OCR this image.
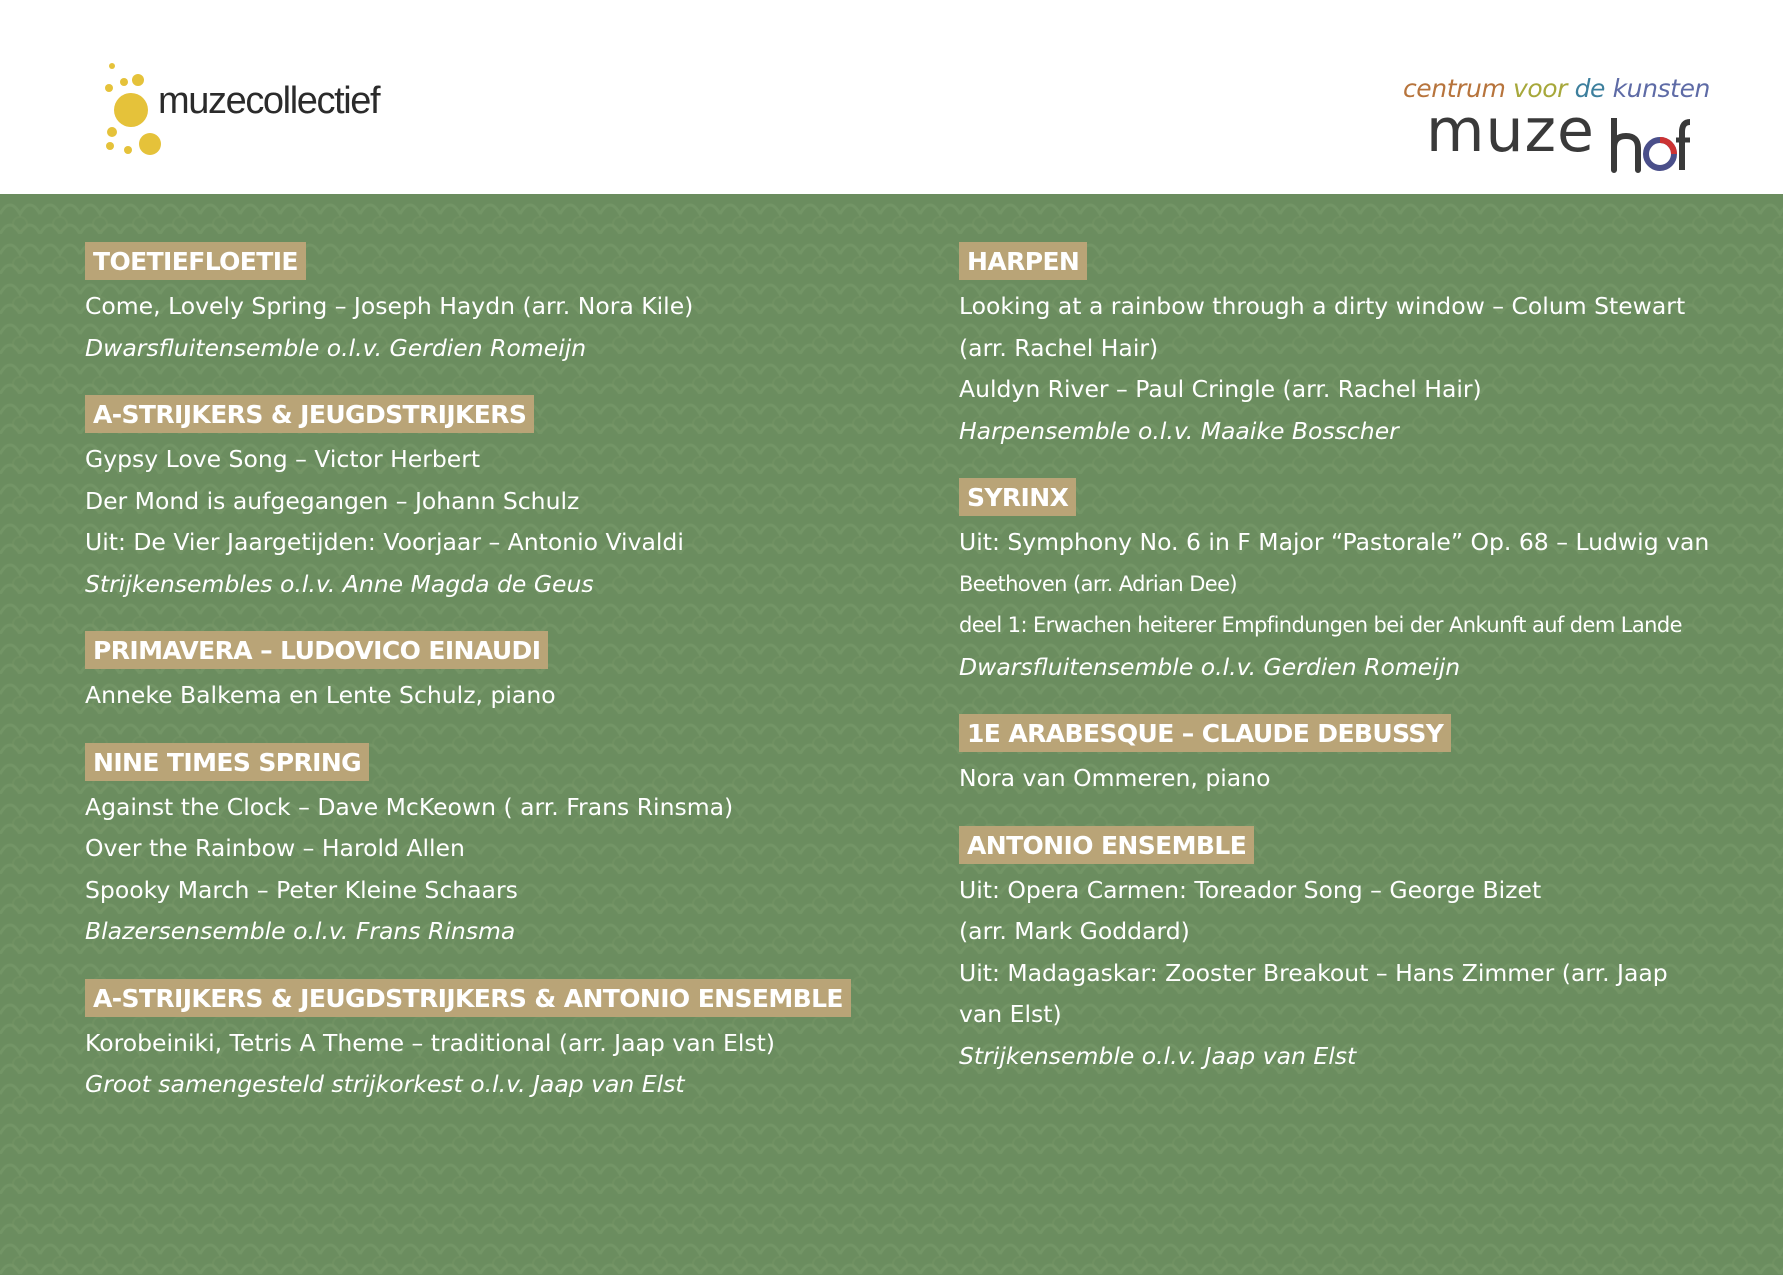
muzecollectief	centrum voor de kunsten
muze
TOETIEFLOETIE
Come, Lovely Spring – Joseph Haydn (arr. Nora Kile)
Dwarsfluitensemble o.l.v. Gerdien Romeijn
A-STRIJKERS & JEUGDSTRIJKERS
Gypsy Love Song – Victor Herbert
Der Mond is aufgegangen – Johann Schulz
Uit: De Vier Jaargetijden: Voorjaar – Antonio Vivaldi
Strijkensembles o.l.v. Anne Magda de Geus
PRIMAVERA – LUDOVICO EINAUDI
Anneke Balkema en Lente Schulz, piano
NINE TIMES SPRING
Against the Clock – Dave McKeown ( arr. Frans Rinsma)
Over the Rainbow – Harold Allen
Spooky March – Peter Kleine Schaars
Blazersensemble o.l.v. Frans Rinsma
A-STRIJKERS & JEUGDSTRIJKERS & ANTONIO ENSEMBLE
Korobeiniki, Tetris A Theme – traditional (arr. Jaap van Elst)
Groot samengesteld strijkorkest o.l.v. Jaap van Elst
HARPEN
Looking at a rainbow through a dirty window – Colum Stewart
(arr. Rachel Hair)
Auldyn River – Paul Cringle (arr. Rachel Hair)
Harpensemble o.l.v. Maaike Bosscher
SYRINX
Uit: Symphony No. 6 in F Major “Pastorale” Op. 68 – Ludwig van
Beethoven (arr. Adrian Dee)
deel 1: Erwachen heiterer Empfindungen bei der Ankunft auf dem Lande
Dwarsfluitensemble o.l.v. Gerdien Romeijn
1E ARABESQUE – CLAUDE DEBUSSY
Nora van Ommeren, piano
ANTONIO ENSEMBLE
Uit: Opera Carmen: Toreador Song – George Bizet
(arr. Mark Goddard)
Uit: Madagaskar: Zooster Breakout – Hans Zimmer (arr. Jaap
van Elst)
Strijkensemble o.l.v. Jaap van Elst
